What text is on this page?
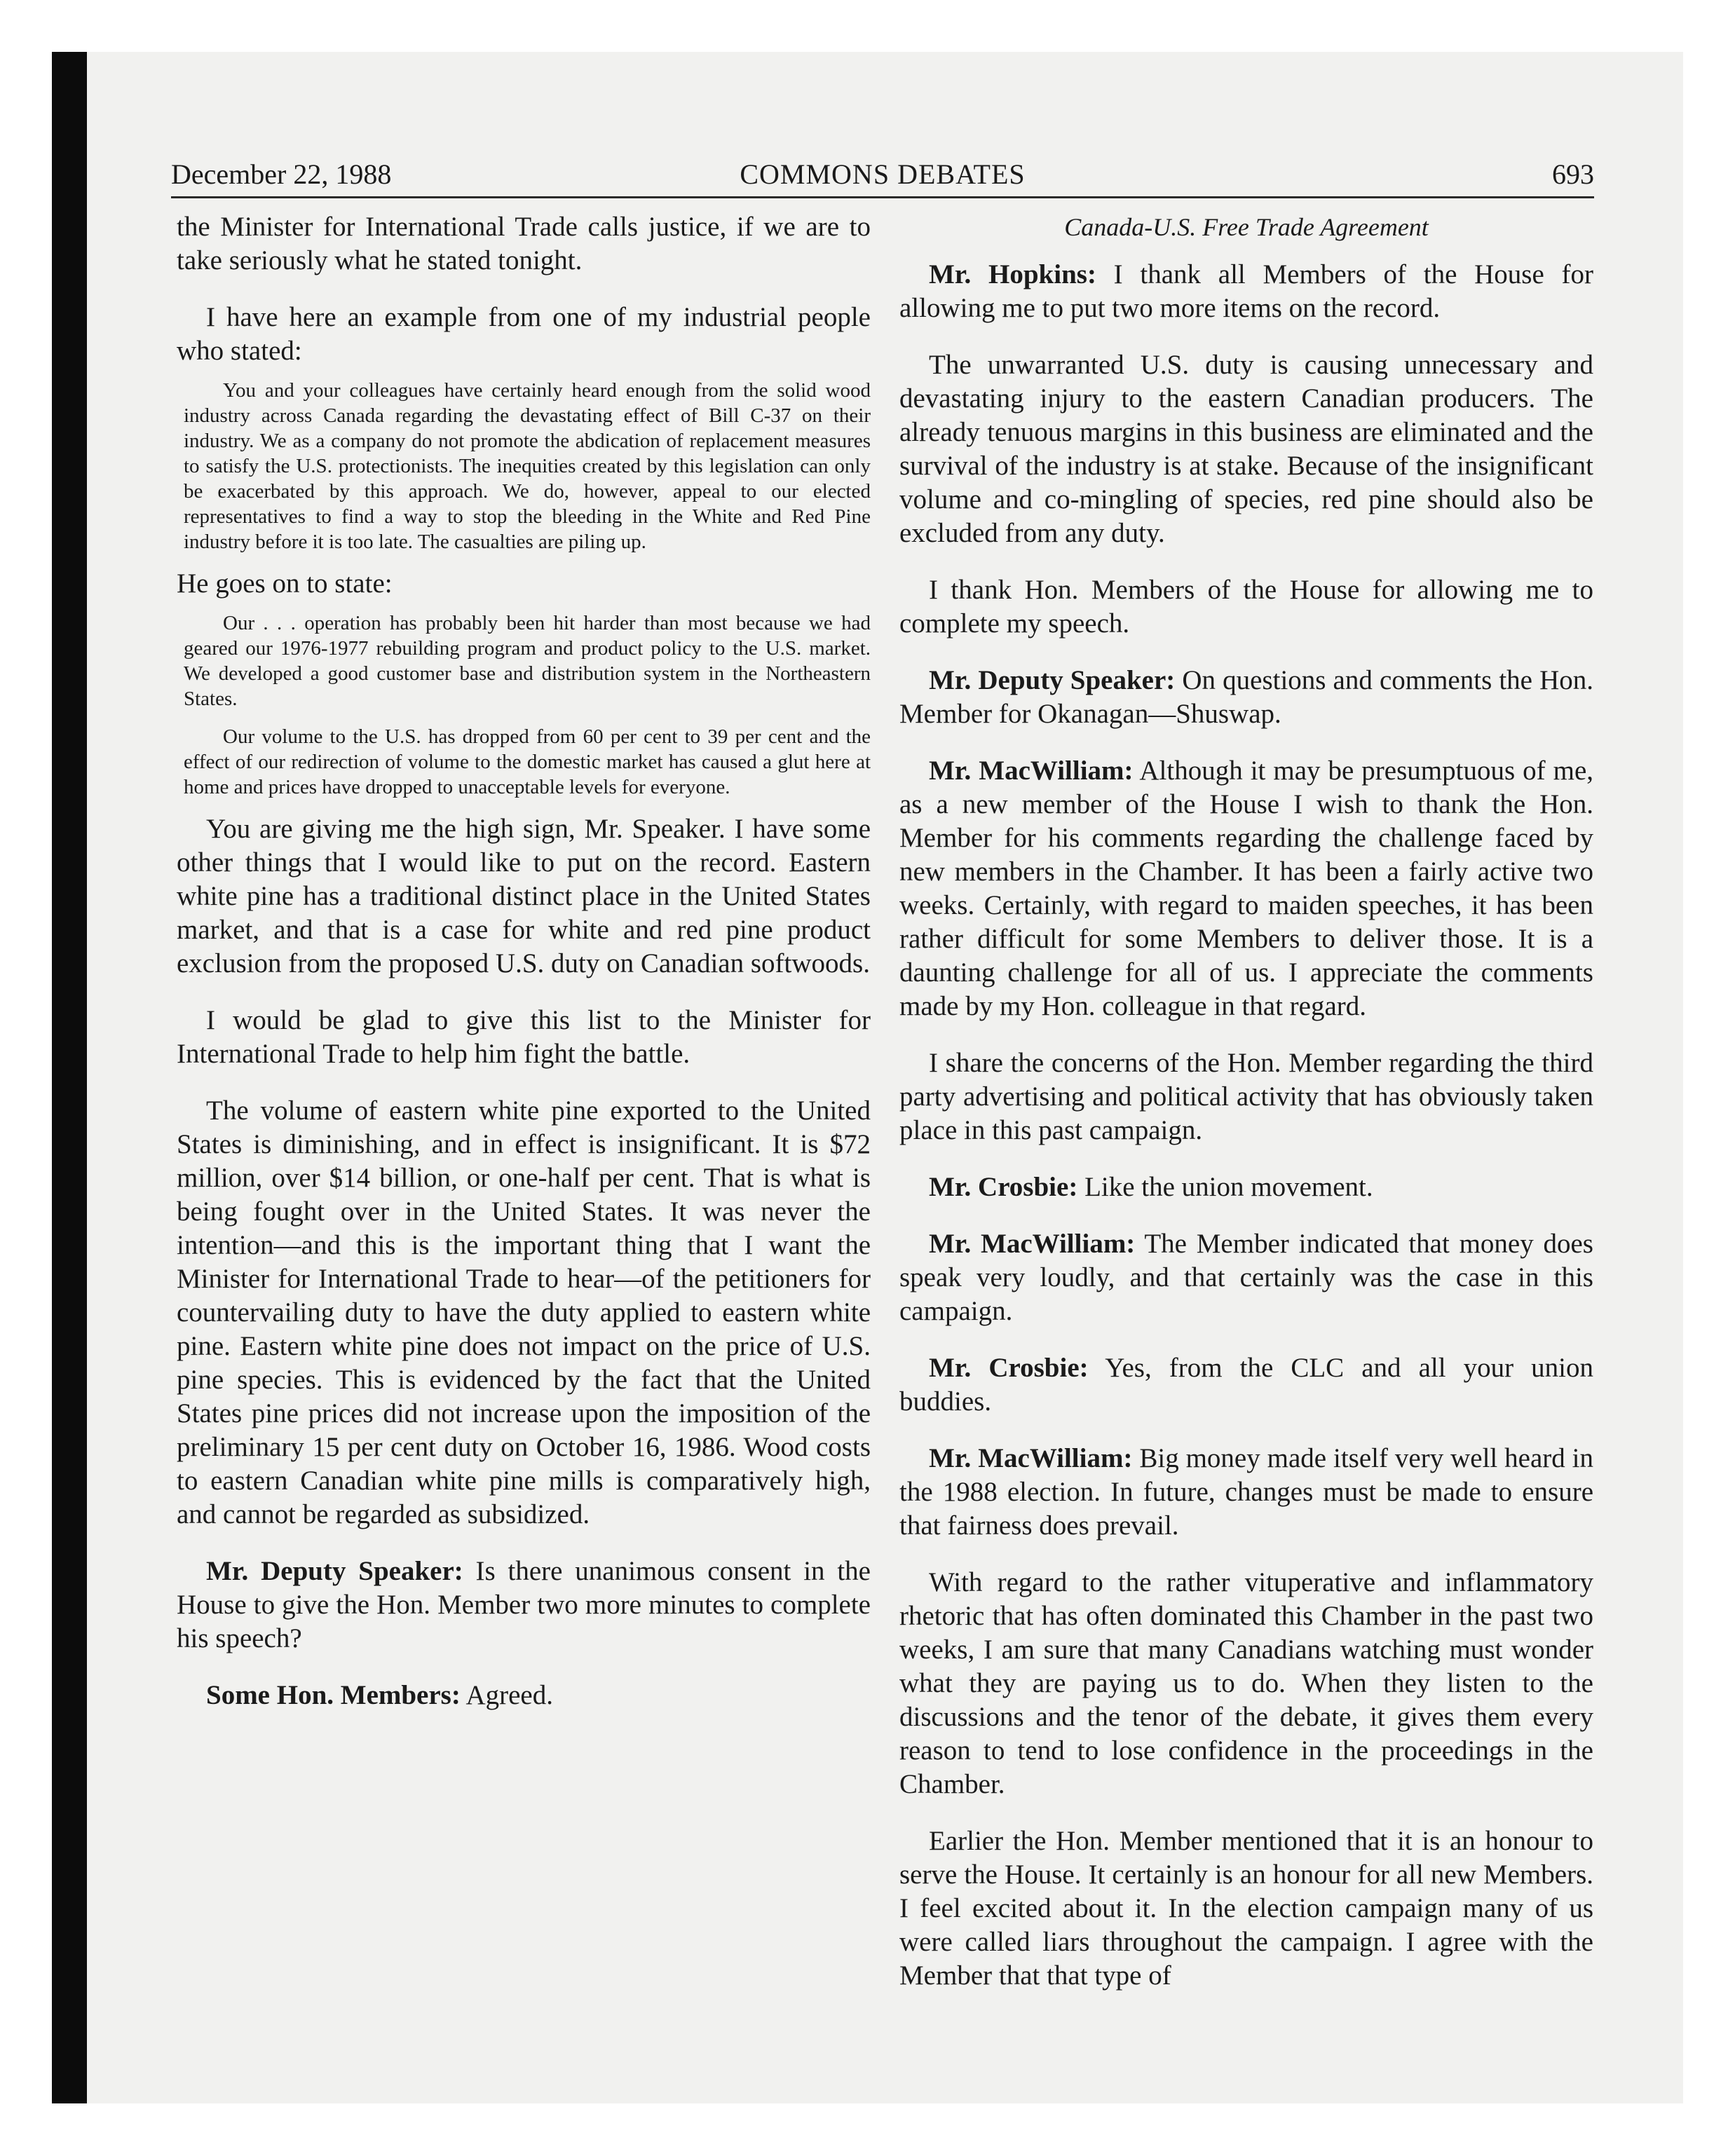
December 22, 1988	COMMONS DEBATES	693

the Minister for International Trade calls justice, if we are to take seriously what he stated tonight.

I have here an example from one of my industrial people who stated:

You and your colleagues have certainly heard enough from the solid wood industry across Canada regarding the devastating effect of Bill C-37 on their industry. We as a company do not promote the abdication of replacement measures to satisfy the U.S. protectionists. The inequities created by this legislation can only be exacerbated by this approach. We do, however, appeal to our elected representatives to find a way to stop the bleeding in the White and Red Pine industry before it is too late. The casualties are piling up.

He goes on to state:

Our . . . operation has probably been hit harder than most because we had geared our 1976-1977 rebuilding program and product policy to the U.S. market. We developed a good customer base and distribution system in the Northeastern States.

Our volume to the U.S. has dropped from 60 per cent to 39 per cent and the effect of our redirection of volume to the domestic market has caused a glut here at home and prices have dropped to unacceptable levels for everyone.

You are giving me the high sign, Mr. Speaker. I have some other things that I would like to put on the record. Eastern white pine has a traditional distinct place in the United States market, and that is a case for white and red pine product exclusion from the proposed U.S. duty on Canadian softwoods.

I would be glad to give this list to the Minister for International Trade to help him fight the battle.

The volume of eastern white pine exported to the United States is diminishing, and in effect is insignificant. It is $72 million, over $14 billion, or one-half per cent. That is what is being fought over in the United States. It was never the intention—and this is the important thing that I want the Minister for International Trade to hear—of the petitioners for countervailing duty to have the duty applied to eastern white pine. Eastern white pine does not impact on the price of U.S. pine species. This is evidenced by the fact that the United States pine prices did not increase upon the imposition of the preliminary 15 per cent duty on October 16, 1986. Wood costs to eastern Canadian white pine mills is comparatively high, and cannot be regarded as subsidized.

Mr. Deputy Speaker: Is there unanimous consent in the House to give the Hon. Member two more minutes to complete his speech?

Some Hon. Members: Agreed.

Canada-U.S. Free Trade Agreement

Mr. Hopkins: I thank all Members of the House for allowing me to put two more items on the record.

The unwarranted U.S. duty is causing unnecessary and devastating injury to the eastern Canadian producers. The already tenuous margins in this business are eliminated and the survival of the industry is at stake. Because of the insignificant volume and co-mingling of species, red pine should also be excluded from any duty.

I thank Hon. Members of the House for allowing me to complete my speech.

Mr. Deputy Speaker: On questions and comments the Hon. Member for Okanagan—Shuswap.

Mr. MacWilliam: Although it may be presumptuous of me, as a new member of the House I wish to thank the Hon. Member for his comments regarding the challenge faced by new members in the Chamber. It has been a fairly active two weeks. Certainly, with regard to maiden speeches, it has been rather difficult for some Members to deliver those. It is a daunting challenge for all of us. I appreciate the comments made by my Hon. colleague in that regard.

I share the concerns of the Hon. Member regarding the third party advertising and political activity that has obviously taken place in this past campaign.

Mr. Crosbie: Like the union movement.

Mr. MacWilliam: The Member indicated that money does speak very loudly, and that certainly was the case in this campaign.

Mr. Crosbie: Yes, from the CLC and all your union buddies.

Mr. MacWilliam: Big money made itself very well heard in the 1988 election. In future, changes must be made to ensure that fairness does prevail.

With regard to the rather vituperative and inflammatory rhetoric that has often dominated this Chamber in the past two weeks, I am sure that many Canadians watching must wonder what they are paying us to do. When they listen to the discussions and the tenor of the debate, it gives them every reason to tend to lose confidence in the proceedings in the Chamber.

Earlier the Hon. Member mentioned that it is an honour to serve the House. It certainly is an honour for all new Members. I feel excited about it. In the election campaign many of us were called liars throughout the campaign. I agree with the Member that that type of
